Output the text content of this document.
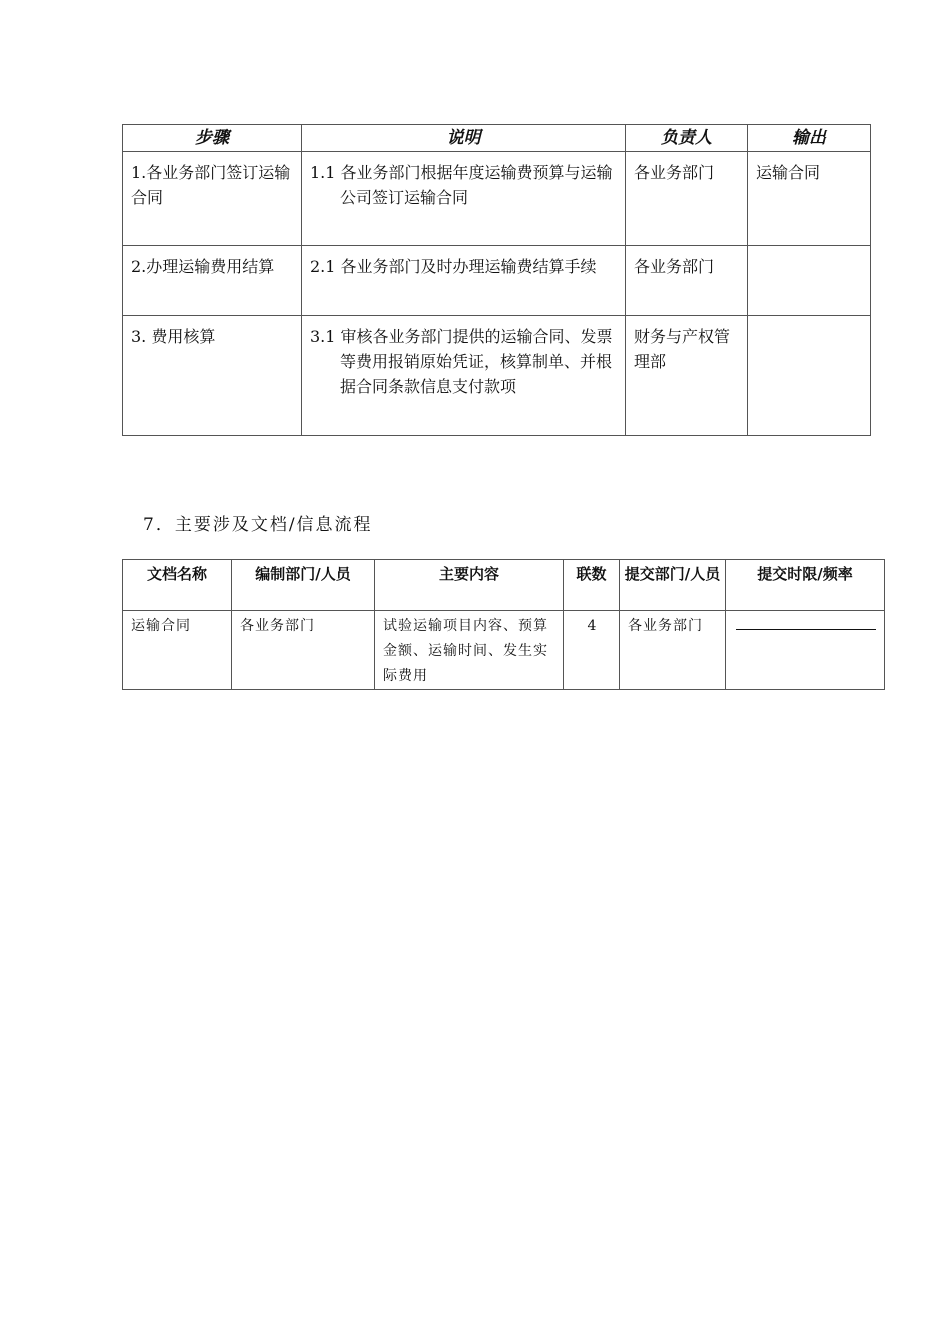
步骤	说明	负责人	输出
1.各业务部门签订运输合同	1.1 各业务部门根据年度运输费预算与运输公司签订运输合同	各业务部门	运输合同
2.办理运输费用结算	2.1 各业务部门及时办理运输费结算手续	各业务部门	
3. 费用核算	3.1 审核各业务部门提供的运输合同、发票等费用报销原始凭证，核算制单、并根据合同条款信息支付款项	财务与产权管理部	
7．主要涉及文档/信息流程
文档名称	编制部门/人员	主要内容	联数	提交部门/人员	提交时限/频率
运输合同	各业务部门	试验运输项目内容、预算金额、运输时间、发生实际费用	4	各业务部门	
